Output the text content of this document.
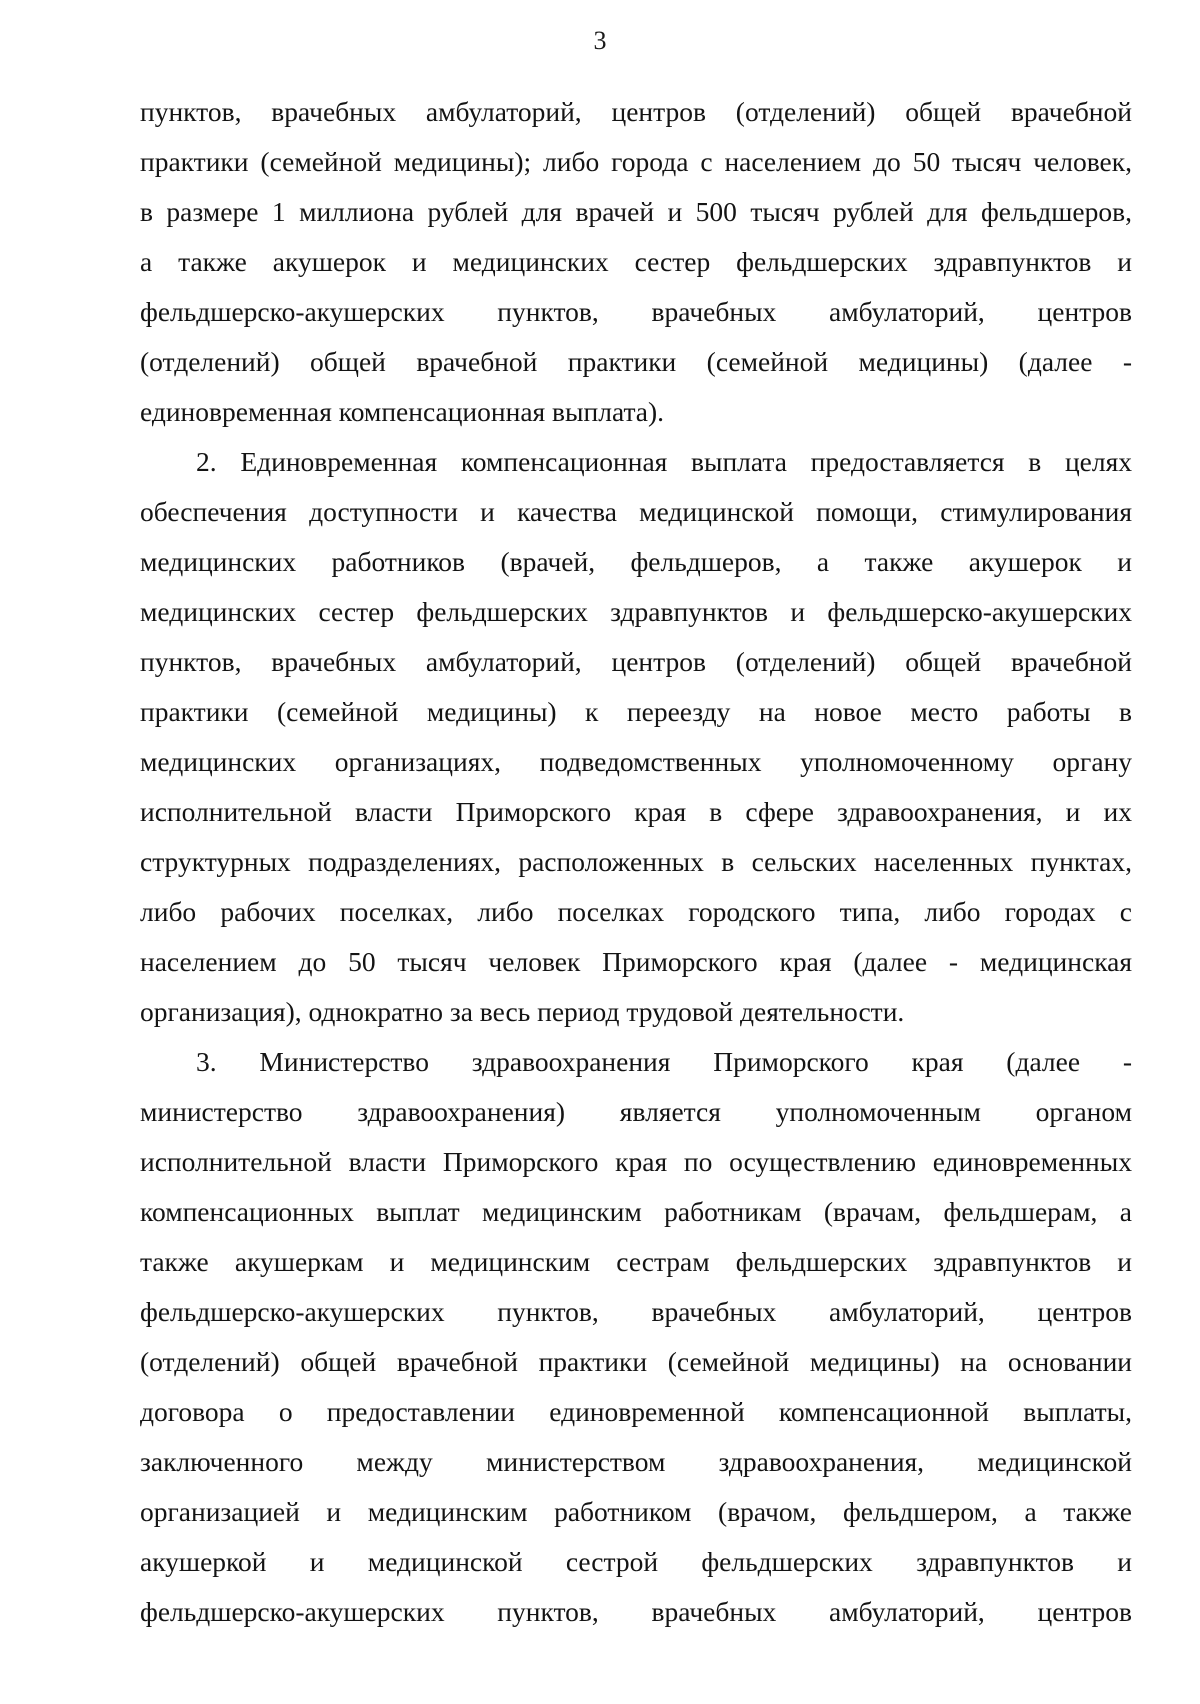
3
пунктов, врачебных амбулаторий, центров (отделений) общей врачебной
практики (семейной медицины); либо города с населением до 50 тысяч человек,
в размере 1 миллиона рублей для врачей и 500 тысяч рублей для фельдшеров,
а также акушерок и медицинских сестер фельдшерских здравпунктов и
фельдшерско-акушерских пунктов, врачебных амбулаторий, центров
(отделений) общей врачебной практики (семейной медицины) (далее -
единовременная компенсационная выплата).
2. Единовременная компенсационная выплата предоставляется в целях
обеспечения доступности и качества медицинской помощи, стимулирования
медицинских работников (врачей, фельдшеров, а также акушерок и
медицинских сестер фельдшерских здравпунктов и фельдшерско-акушерских
пунктов, врачебных амбулаторий, центров (отделений) общей врачебной
практики (семейной медицины) к переезду на новое место работы в
медицинских организациях, подведомственных уполномоченному органу
исполнительной власти Приморского края в сфере здравоохранения, и их
структурных подразделениях, расположенных в сельских населенных пунктах,
либо рабочих поселках, либо поселках городского типа, либо городах с
населением до 50 тысяч человек Приморского края (далее - медицинская
организация), однократно за весь период трудовой деятельности.
3. Министерство здравоохранения Приморского края (далее -
министерство здравоохранения) является уполномоченным органом
исполнительной власти Приморского края по осуществлению единовременных
компенсационных выплат медицинским работникам (врачам, фельдшерам, а
также акушеркам и медицинским сестрам фельдшерских здравпунктов и
фельдшерско-акушерских пунктов, врачебных амбулаторий, центров
(отделений) общей врачебной практики (семейной медицины) на основании
договора о предоставлении единовременной компенсационной выплаты,
заключенного между министерством здравоохранения, медицинской
организацией и медицинским работником (врачом, фельдшером, а также
акушеркой и медицинской сестрой фельдшерских здравпунктов и
фельдшерско-акушерских пунктов, врачебных амбулаторий, центров
